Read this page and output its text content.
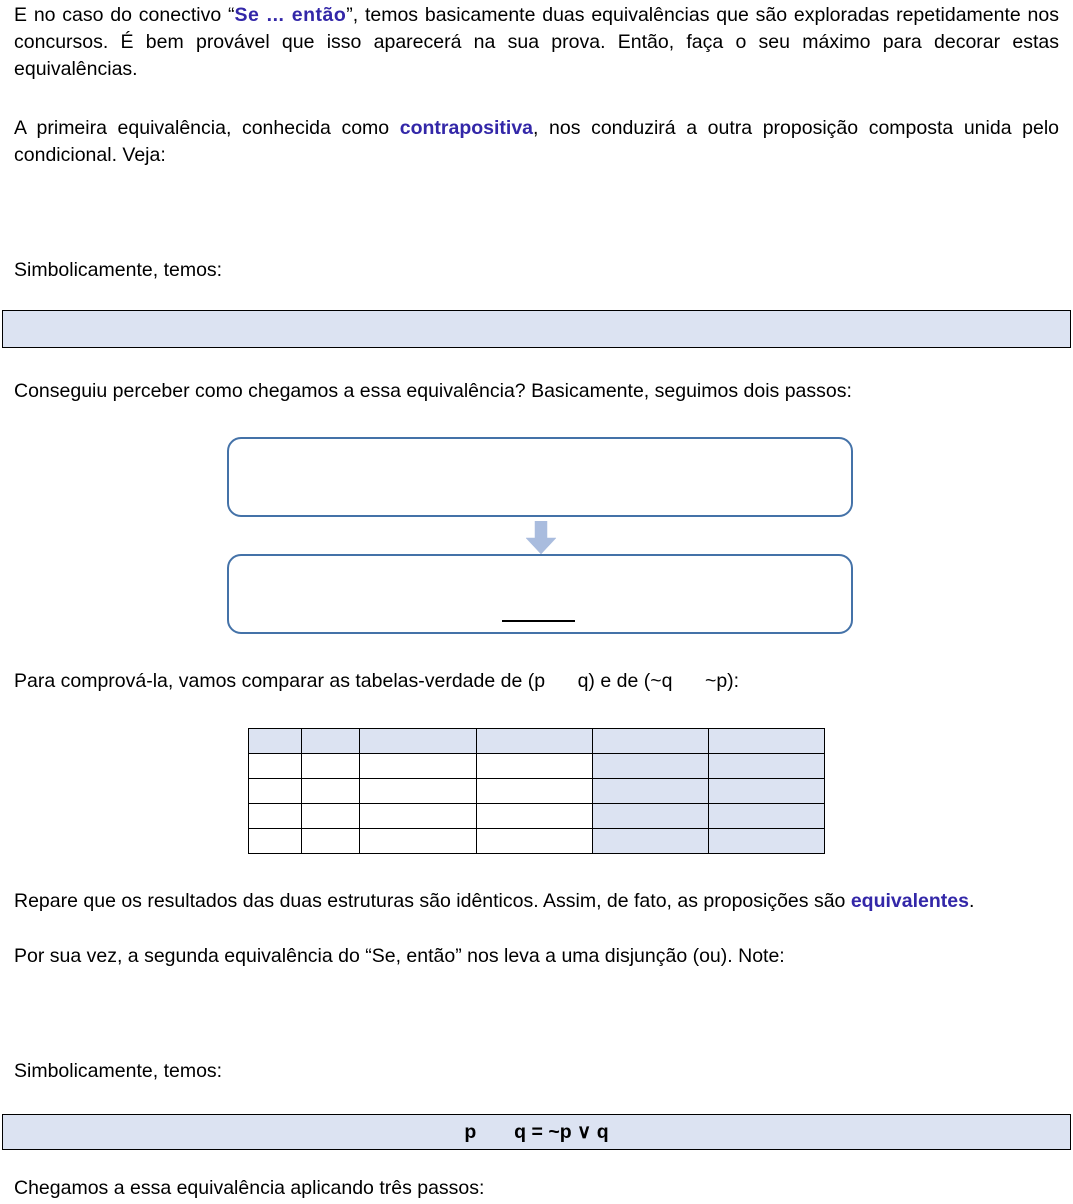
E no caso do conectivo “Se ... então”, temos basicamente duas equivalências que são exploradas repetidamente nos concursos. É bem provável que isso aparecerá na sua prova. Então, faça o seu máximo para decorar estas equivalências.
A primeira equivalência, conhecida como contrapositiva, nos conduzirá a outra proposição composta unida pelo condicional. Veja:
Simbolicamente, temos:
Conseguiu perceber como chegamos a essa equivalência? Basicamente, seguimos dois passos:
Para comprová-la, vamos comparar as tabelas-verdade de (p      q) e de (~q      ~p):

Repare que os resultados das duas estruturas são idênticos. Assim, de fato, as proposições são equivalentes.
Por sua vez, a segunda equivalência do “Se, então” nos leva a uma disjunção (ou). Note:
Simbolicamente, temos:
p       q = ~p ∨ q
Chegamos a essa equivalência aplicando três passos:
